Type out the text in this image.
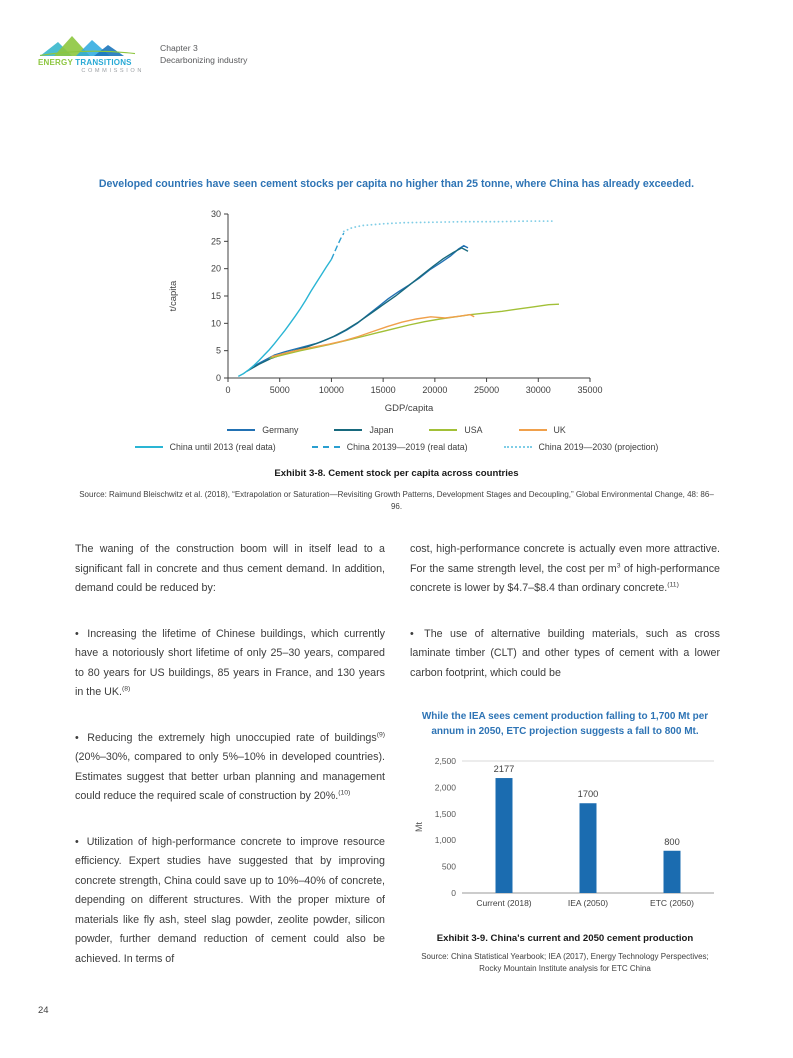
ENERGY TRANSITIONS
COMMISSION
Chapter 3
Decarbonizing industry
Developed countries have seen cement stocks per capita no higher than 25 tonne, where China has already exceeded.
0
5
10
15
20
25
30
0	5000	10000	15000	20000	25000	30000	35000
t/capita
GDP/capita
Germany	Japan	USA	UK
China until 2013 (real data)	China 20139—2019 (real data)	China 2019—2030 (projection)
Exhibit 3-8. Cement stock per capita across countries
Source: Raimund Bleischwitz et al. (2018), “Extrapolation or Saturation—Revisiting Growth Patterns, Development Stages and Decoupling,” Global Environmental Change, 48: 86–96.

The waning of the construction boom will in itself lead to a significant fall in concrete and thus cement demand. In addition, demand could be reduced by:

• Increasing the lifetime of Chinese buildings, which currently have a notoriously short lifetime of only 25–30 years, compared to 80 years for US buildings, 85 years in France, and 130 years in the UK.$^{(8)}$

• Reducing the extremely high unoccupied rate of buildings$^{(9)}$ (20%–30%, compared to only 5%–10% in developed countries). Estimates suggest that better urban planning and management could reduce the required scale of construction by 20%.$^{(10)}$

• Utilization of high-performance concrete to improve resource efficiency. Expert studies have suggested that by improving concrete strength, China could save up to 10%–40% of concrete, depending on different structures. With the proper mixture of materials like fly ash, steel slag powder, zeolite powder, silicon powder, further demand reduction of cement could also be achieved. In terms of

cost, high-performance concrete is actually even more attractive. For the same strength level, the cost per $m^3$ of high-performance concrete is lower by $4.7–$8.4 than ordinary concrete.$^{(11)}$

• The use of alternative building materials, such as cross laminate timber (CLT) and other types of cement with a lower carbon footprint, which could be

While the IEA sees cement production falling to 1,700 Mt per annum in 2050, ETC projection suggests a fall to 800 Mt.
0
500
1,000
1,500
2,000
2,500
Mt
2177
Current (2018)
1700
IEA (2050)
800
ETC (2050)
Exhibit 3-9. China's current and 2050 cement production
Source: China Statistical Yearbook; IEA (2017), Energy Technology Perspectives; Rocky Mountain Institute analysis for ETC China
24
